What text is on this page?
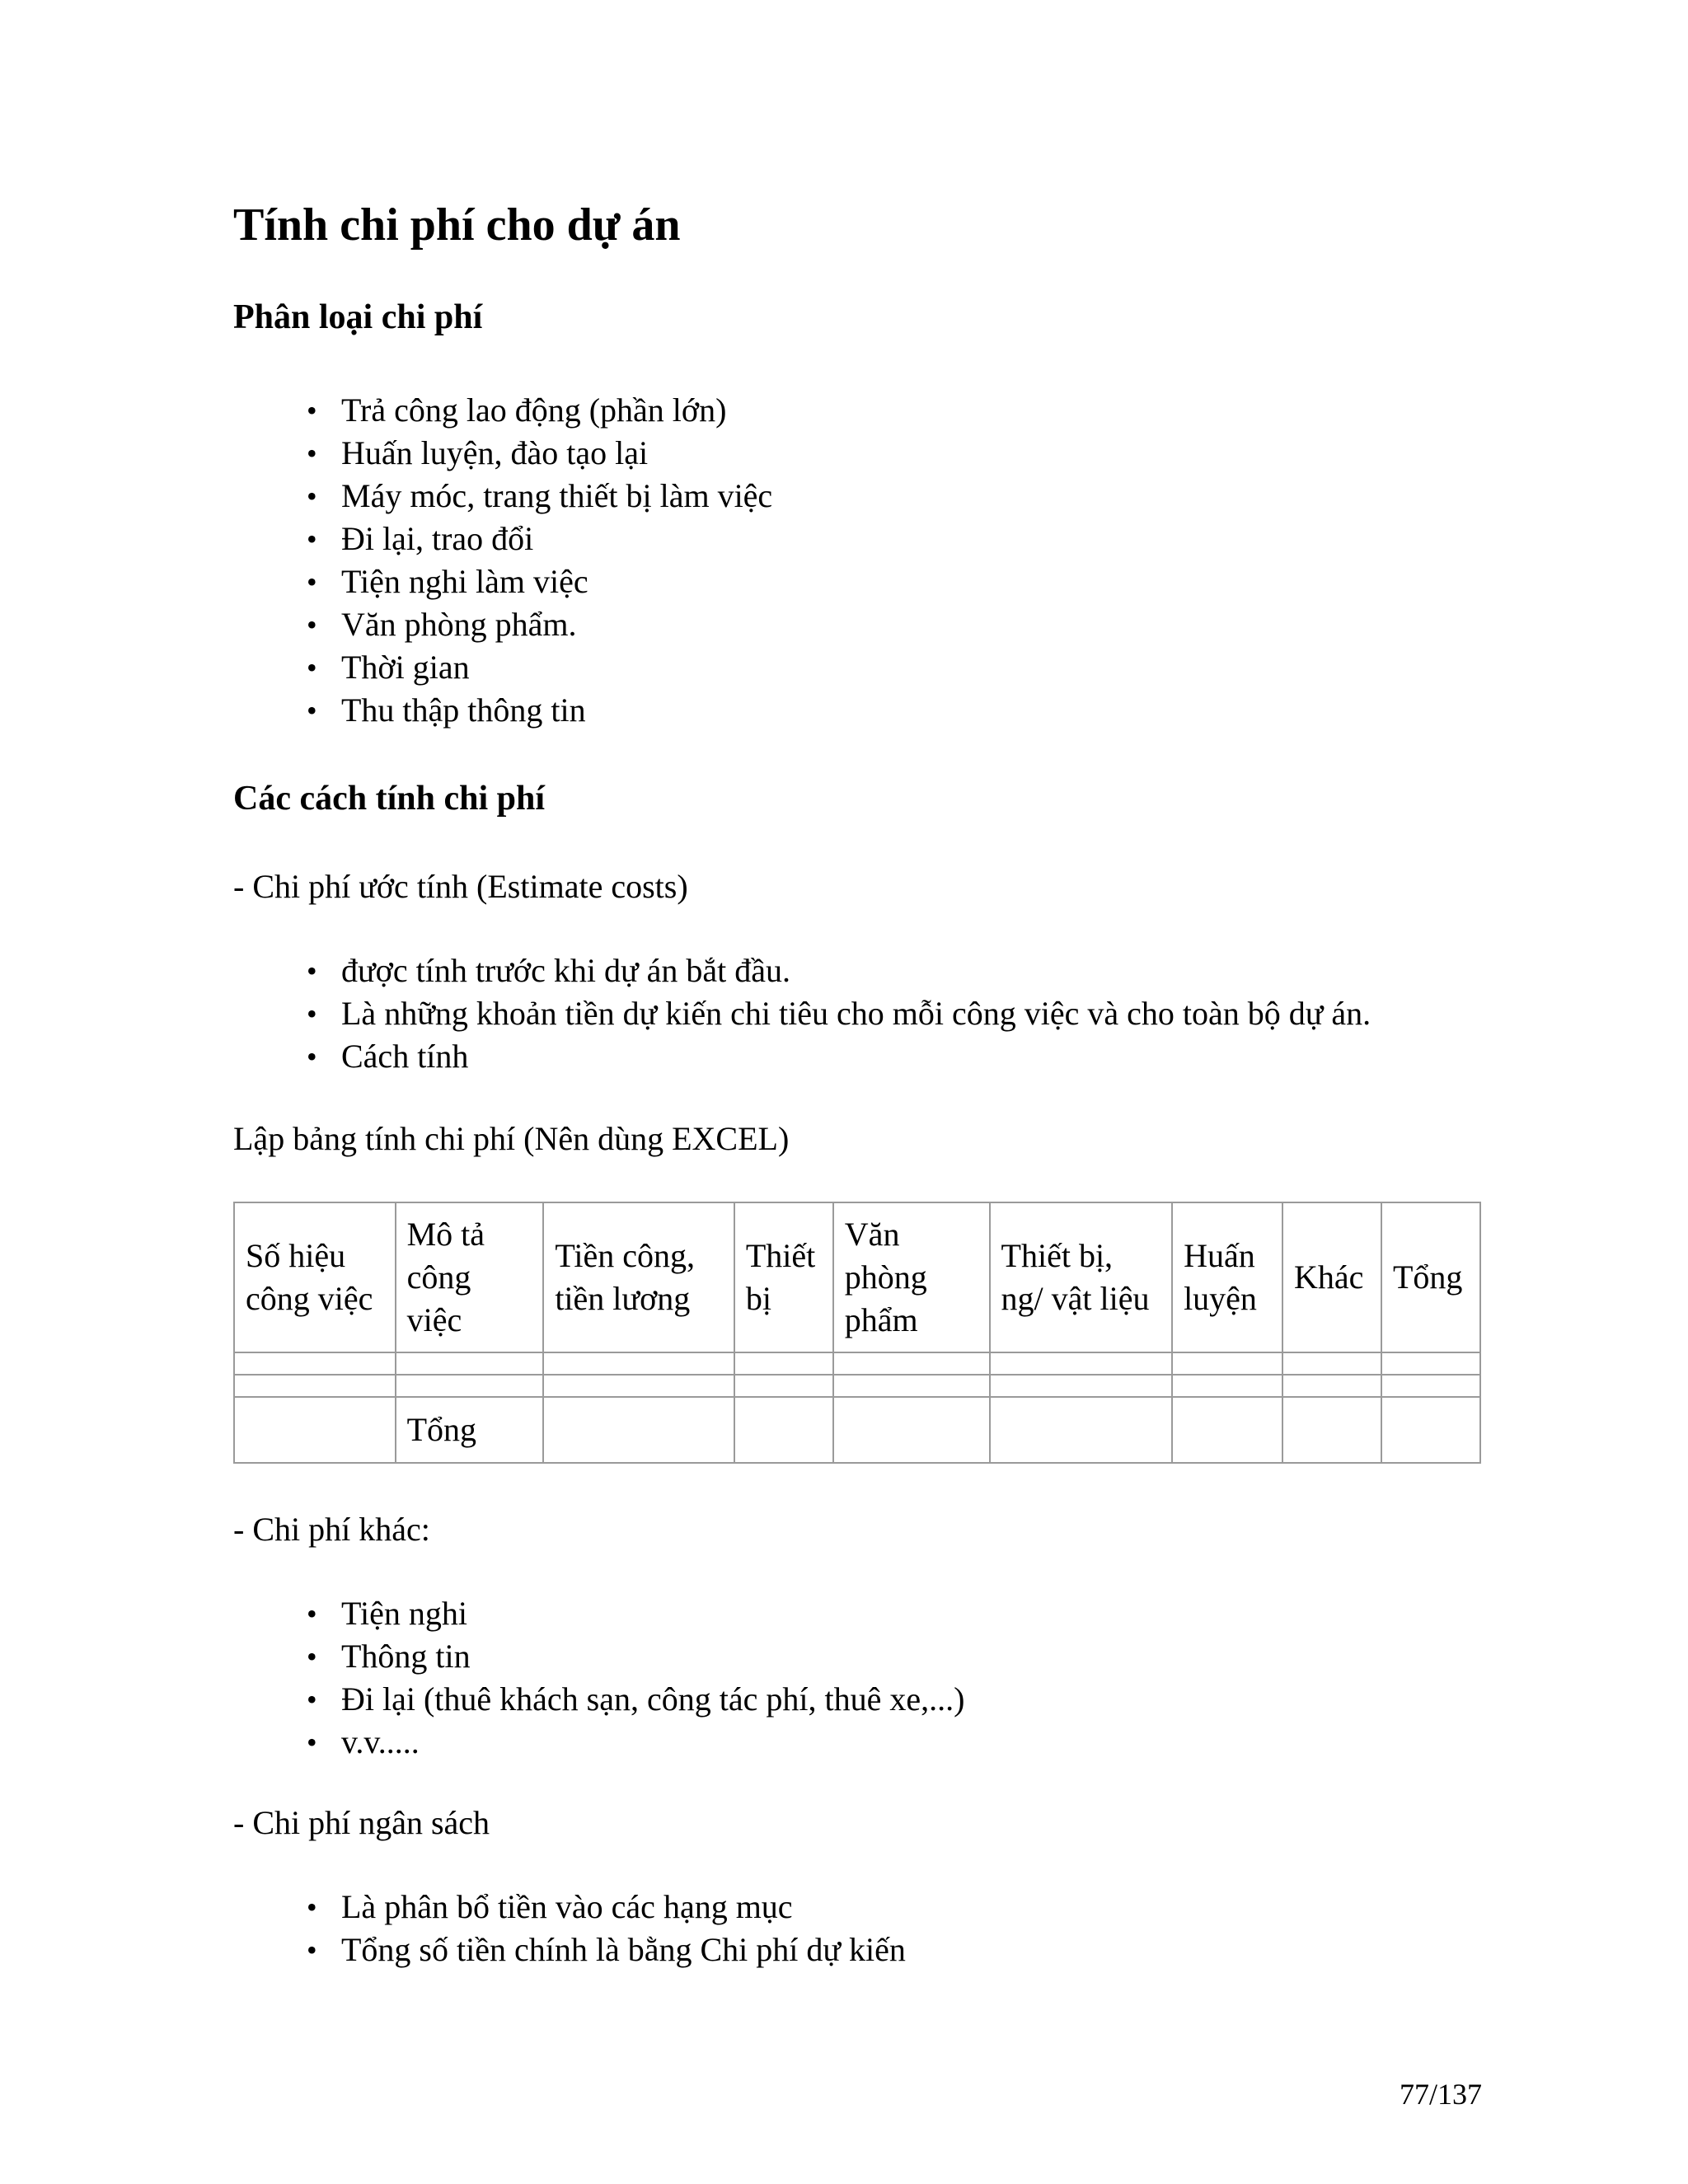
Tính chi phí cho dự án
Phân loại chi phí
• Trả công lao động (phần lớn)
• Huấn luyện, đào tạo lại
• Máy móc, trang thiết bị làm việc
• Đi lại, trao đổi
• Tiện nghi làm việc
• Văn phòng phẩm.
• Thời gian
• Thu thập thông tin
Các cách tính chi phí

- Chi phí ước tính (Estimate costs)

• được tính trước khi dự án bắt đầu.
• Là những khoản tiền dự kiến chi tiêu cho mỗi công việc và cho toàn bộ dự án.
• Cách tính

Lập bảng tính chi phí (Nên dùng EXCEL)

Số hiệu công việc	Mô tả công việc	Tiền công, tiền lương	Thiết bị	Văn phòng phẩm	Thiết bị, ng/ vật liệu	Huấn luyện	Khác	Tổng

	Tổng							

- Chi phí khác:

• Tiện nghi
• Thông tin
• Đi lại (thuê khách sạn, công tác phí, thuê xe,...)
• v.v.....

- Chi phí ngân sách

• Là phân bổ tiền vào các hạng mục
• Tổng số tiền chính là bằng Chi phí dự kiến

77/137
